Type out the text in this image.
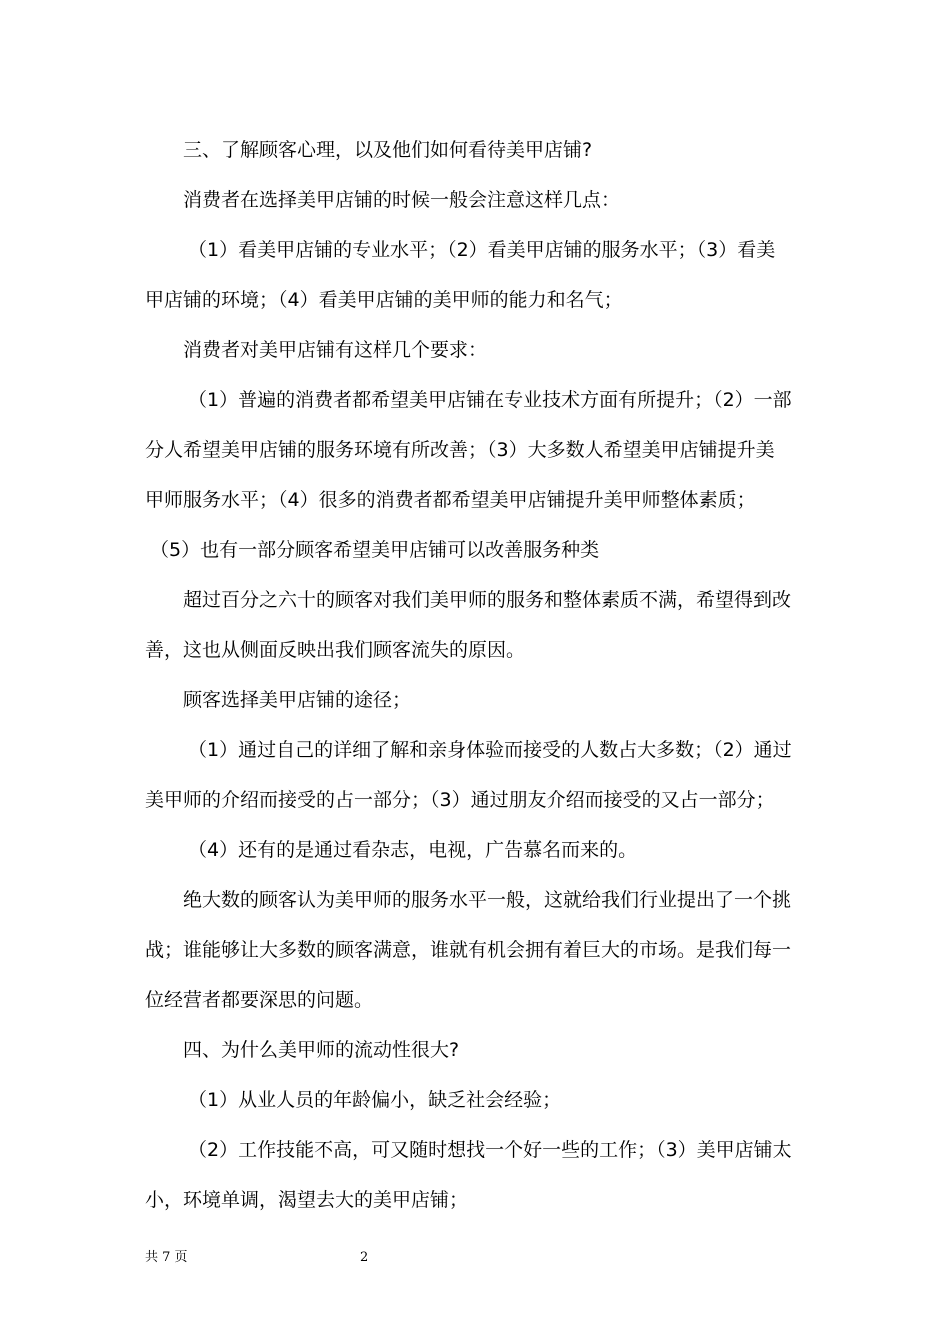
三、了解顾客心理，以及他们如何看待美甲店铺?
消费者在选择美甲店铺的时候一般会注意这样几点：
（1）看美甲店铺的专业水平；（2）看美甲店铺的服务水平；（3）看美
甲店铺的环境；（4）看美甲店铺的美甲师的能力和名气；
消费者对美甲店铺有这样几个要求：
（1）普遍的消费者都希望美甲店铺在专业技术方面有所提升；（2）一部
分人希望美甲店铺的服务环境有所改善；（3）大多数人希望美甲店铺提升美
甲师服务水平；（4）很多的消费者都希望美甲店铺提升美甲师整体素质；
（5）也有一部分顾客希望美甲店铺可以改善服务种类
超过百分之六十的顾客对我们美甲师的服务和整体素质不满，希望得到改
善，这也从侧面反映出我们顾客流失的原因。
顾客选择美甲店铺的途径；
（1）通过自己的详细了解和亲身体验而接受的人数占大多数；（2）通过
美甲师的介绍而接受的占一部分；（3）通过朋友介绍而接受的又占一部分；
（4）还有的是通过看杂志，电视，广告慕名而来的。
绝大数的顾客认为美甲师的服务水平一般，这就给我们行业提出了一个挑
战；谁能够让大多数的顾客满意，谁就有机会拥有着巨大的市场。是我们每一
位经营者都要深思的问题。
四、为什么美甲师的流动性很大?
（1）从业人员的年龄偏小，缺乏社会经验；
（2）工作技能不高，可又随时想找一个好一些的工作；（3）美甲店铺太
小，环境单调，渴望去大的美甲店铺；
共 7 页	2
